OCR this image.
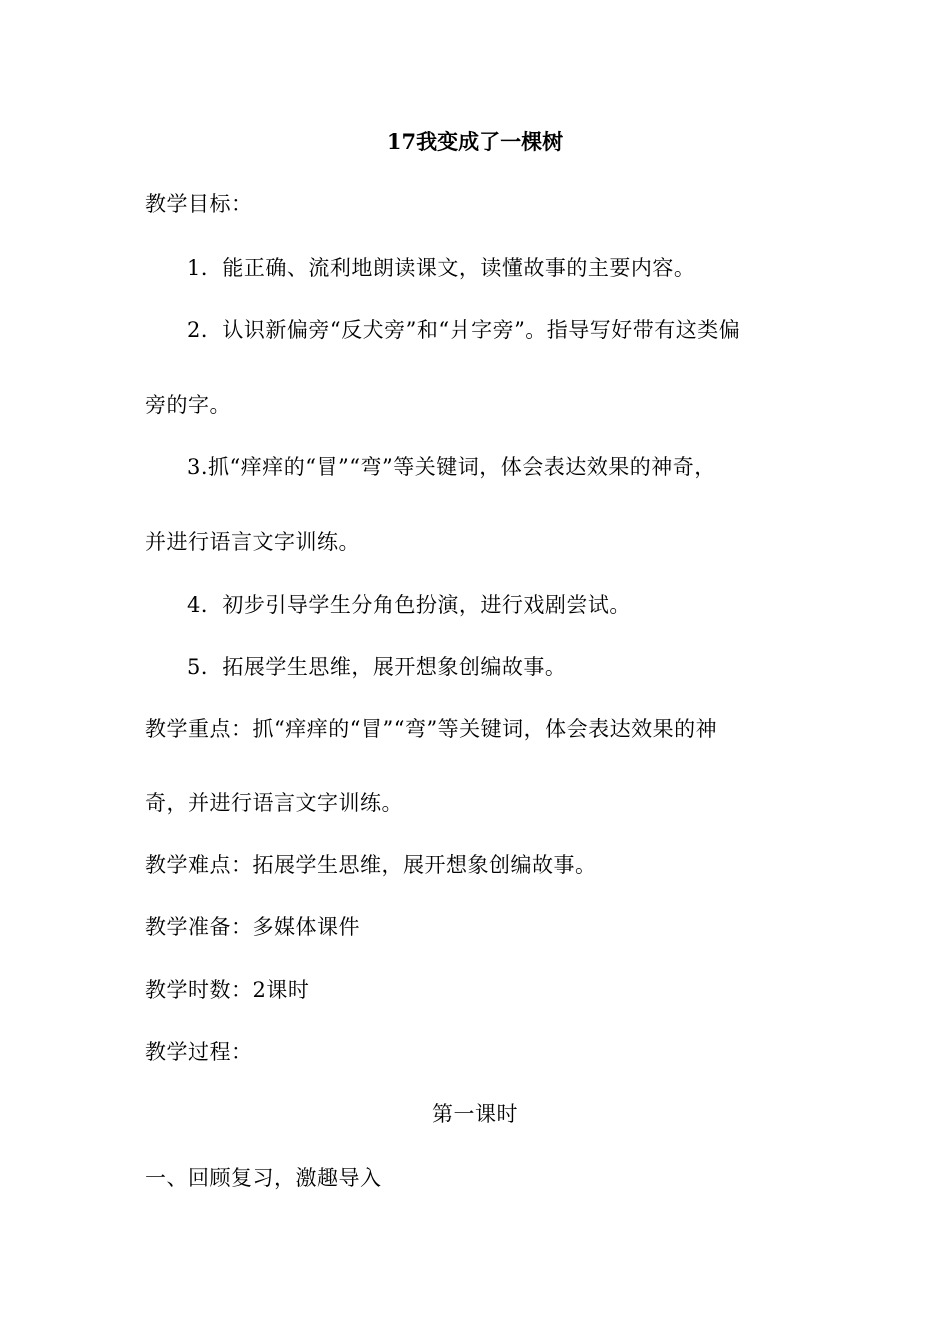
17我变成了一棵树
教学目标：
1．能正确、流利地朗读课文，读懂故事的主要内容。
2．认识新偏旁“反犬旁”和“爿字旁”。指导写好带有这类偏
旁的字。
3.抓“痒痒的“冒”“弯”等关键词，体会表达效果的神奇，
并进行语言文字训练。
4．初步引导学生分角色扮演，进行戏剧尝试。
5．拓展学生思维，展开想象创编故事。
教学重点：抓“痒痒的“冒”“弯”等关键词，体会表达效果的神
奇，并进行语言文字训练。
教学难点：拓展学生思维，展开想象创编故事。
教学准备：多媒体课件
教学时数：2课时
教学过程：
第一课时
一、回顾复习，激趣导入
